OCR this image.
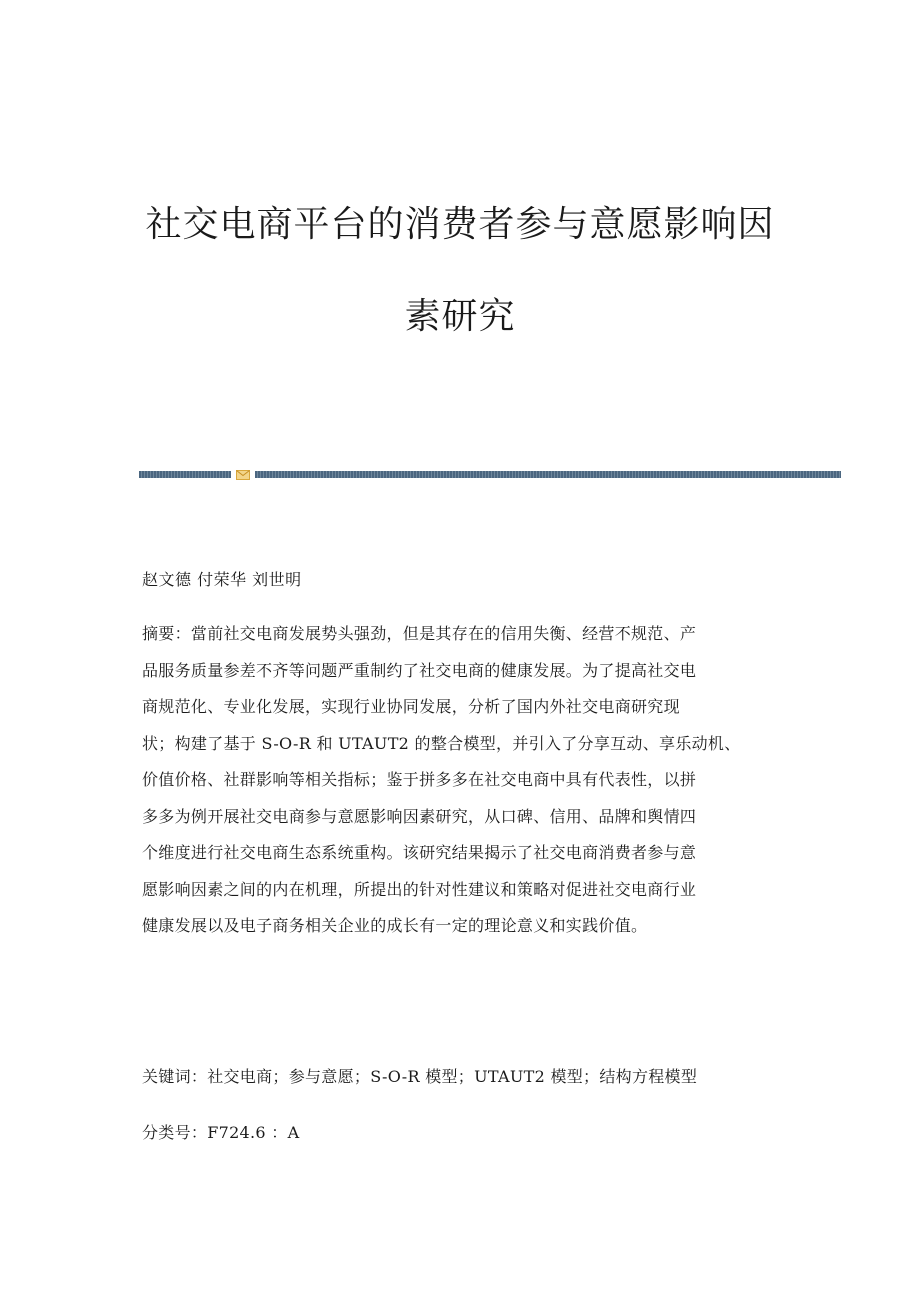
社交电商平台的消费者参与意愿影响因
素研究
赵文德 付荣华 刘世明
摘要：當前社交电商发展势头强劲，但是其存在的信用失衡、经营不规范、产
品服务质量参差不齐等问题严重制约了社交电商的健康发展。为了提高社交电
商规范化、专业化发展，实现行业协同发展，分析了国内外社交电商研究现
状；构建了基于 S-O-R 和 UTAUT2 的整合模型，并引入了分享互动、享乐动机、
价值价格、社群影响等相关指标；鉴于拼多多在社交电商中具有代表性，以拼
多多为例开展社交电商参与意愿影响因素研究，从口碑、信用、品牌和舆情四
个维度进行社交电商生态系统重构。该研究结果揭示了社交电商消费者参与意
愿影响因素之间的内在机理，所提出的针对性建议和策略对促进社交电商行业
健康发展以及电子商务相关企业的成长有一定的理论意义和实践价值。
关键词：社交电商；参与意愿；S-O-R 模型；UTAUT2 模型；结构方程模型
分类号：F724.6 ：A
